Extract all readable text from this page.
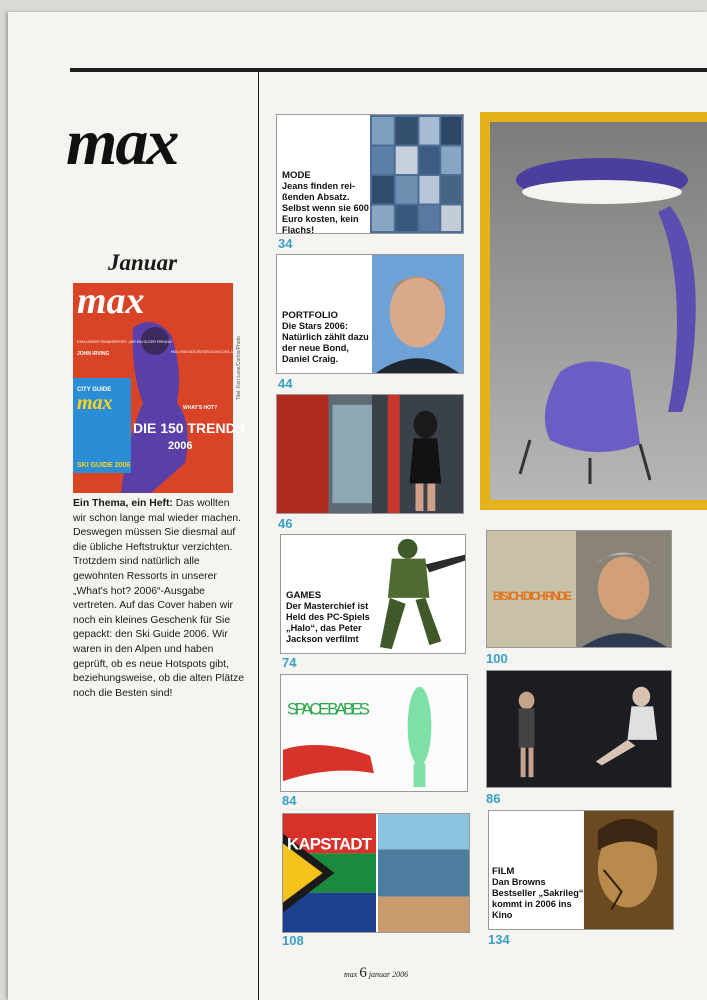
max
Januar
max
CITY GUIDE
max
SKI GUIDE 2006
EXKLUSIVER TRENDREPORT: „WIE EIN GUTER FREUND“
JOHN IRVING	HOLLYWOODS ENTDECKUNG DES JAHRES
WHAT'S HOT?
DIE 150 TRENDS
2006
Titel: Ken Lane/Corbis/Photo
Ein Thema, ein Heft: Das wollten wir schon lange mal wieder machen. Deswegen müssen Sie diesmal auf die übliche Heftstruktur verzichten. Trotzdem sind natürlich alle gewohnten Ressorts in unserer „What's hot? 2006“-Ausgabe vertreten. Auf das Cover haben wir noch ein kleines Geschenk für Sie gepackt: den Ski Guide 2006. Wir waren in den Alpen und haben geprüft, ob es neue Hotspots gibt, beziehungsweise, ob die alten Plätze noch die Besten sind!
MODE
Jeans finden reißenden Absatz. Selbst wenn sie 600 Euro kosten, kein Flachs!
34
PORTFOLIO
Die Stars 2006: Natürlich zählt dazu der neue Bond, Daniel Craig.
44
46
GAMES
Der Masterchief ist Held des PC-Spiels „Halo“, das Peter Jackson verfilmt
74
SPACE BABES
84
KAPSTADT
108
BIS ICH DICH FINDE
100
86
FILM
Dan Browns Bestseller „Sakrileg“ kommt in 2006 ins Kino
134
max 6 januar 2006
